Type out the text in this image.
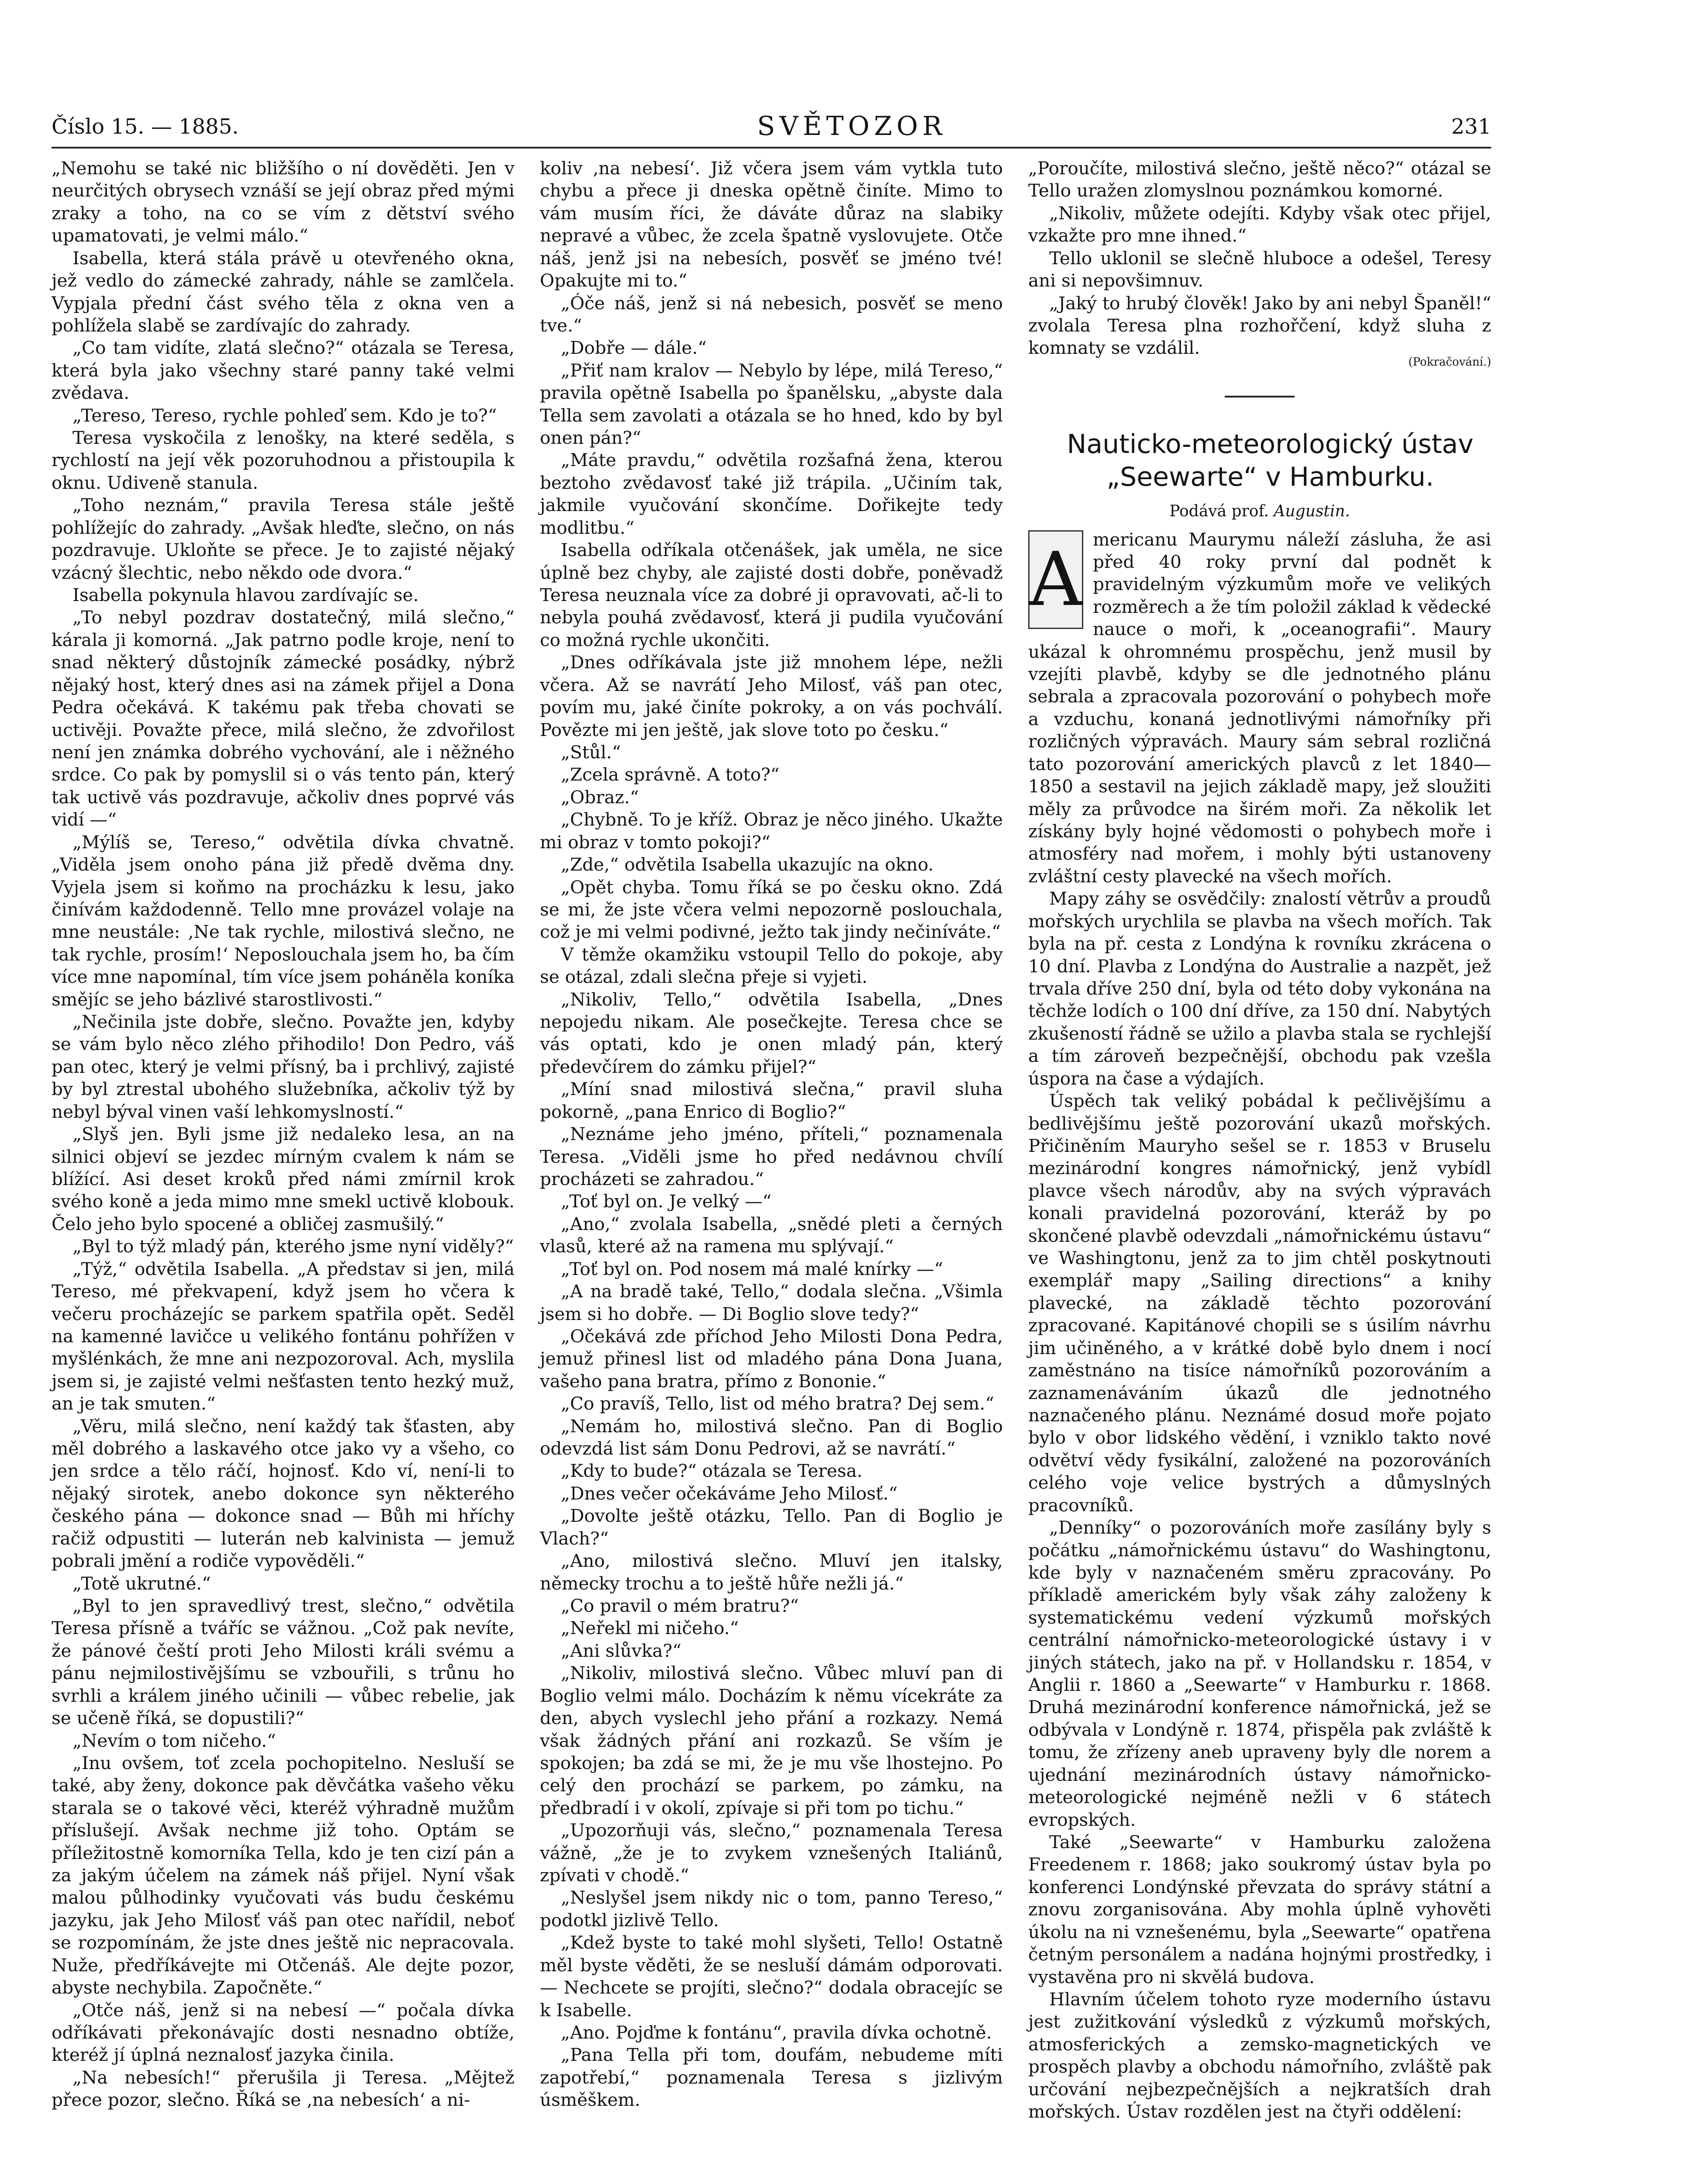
Číslo 15. — 1885.	SVĚTOZOR	231

„Nemohu se také nic bližšího o ní dověděti. Jen v neurčitých obrysech vznáší se její obraz před mými zraky a toho, na co se vím z dětství svého upamatovati, je velmi málo.“

Isabella, která stála právě u otevřeného okna, jež vedlo do zámecké zahrady, náhle se zamlčela. Vypjala přední část svého těla z okna ven a pohlížela slabě se zardívajíc do zahrady.

„Co tam vidíte, zlatá slečno?“ otázala se Teresa, která byla jako všechny staré panny také velmi zvědava.

„Tereso, Tereso, rychle pohleď sem. Kdo je to?“

Teresa vyskočila z lenošky, na které seděla, s rychlostí na její věk pozoruhodnou a přistoupila k oknu. Udiveně stanula.

„Toho neznám,“ pravila Teresa stále ještě pohlížejíc do zahrady. „Avšak hleďte, slečno, on nás pozdravuje. Ukloňte se přece. Je to zajisté nějaký vzácný šlechtic, nebo někdo ode dvora.“

Isabella pokynula hlavou zardívajíc se.

„To nebyl pozdrav dostatečný, milá slečno,“ kárala ji komorná. „Jak patrno podle kroje, není to snad některý důstojník zámecké posádky, nýbrž nějaký host, který dnes asi na zámek přijel a Dona Pedra očekává. K takému pak třeba chovati se uctivěji. Považte přece, milá slečno, že zdvořilost není jen známka dobrého vychování, ale i něžného srdce. Co pak by pomyslil si o vás tento pán, který tak uctivě vás pozdravuje, ačkoliv dnes poprvé vás vidí —“

„Mýlíš se, Tereso,“ odvětila dívka chvatně. „Viděla jsem onoho pána již předě dvěma dny. Vyjela jsem si koňmo na procházku k lesu, jako činívám každodenně. Tello mne provázel volaje na mne neustále: ‚Ne tak rychle, milostivá slečno, ne tak rychle, prosím!‘ Neposlouchala jsem ho, ba čím více mne napomínal, tím více jsem poháněla koníka smějíc se jeho bázlivé starostlivosti.“

„Nečinila jste dobře, slečno. Považte jen, kdyby se vám bylo něco zlého přihodilo! Don Pedro, váš pan otec, který je velmi přísný, ba i prchlivý, zajisté by byl ztrestal ubohého služebníka, ačkoliv týž by nebyl býval vinen vaší lehkomyslností.“

„Slyš jen. Byli jsme již nedaleko lesa, an na silnici objeví se jezdec mírným cvalem k nám se blížící. Asi deset kroků před námi zmírnil krok svého koně a jeda mimo mne smekl uctivě klobouk. Čelo jeho bylo spocené a obličej zasmušilý.“

„Byl to týž mladý pán, kterého jsme nyní viděly?“

„Týž,“ odvětila Isabella. „A představ si jen, milá Tereso, mé překvapení, když jsem ho včera k večeru procházejíc se parkem spatřila opět. Seděl na kamenné lavičce u velikého fontánu pohřížen v myšlénkách, že mne ani nezpozoroval. Ach, myslila jsem si, je zajisté velmi nešťasten tento hezký muž, an je tak smuten.“

„Věru, milá slečno, není každý tak šťasten, aby měl dobrého a laskavého otce jako vy a všeho, co jen srdce a tělo ráčí, hojnosť. Kdo ví, není-li to nějaký sirotek, anebo dokonce syn některého českého pána — dokonce snad — Bůh mi hříchy račiž odpustiti — luterán neb kalvinista — jemuž pobrali jmění a rodiče vypověděli.“

„Totě ukrutné.“

„Byl to jen spravedlivý trest, slečno,“ odvětila Teresa přísně a tváříc se vážnou. „Což pak nevíte, že pánové čeští proti Jeho Milosti králi svému a pánu nejmilostivějšímu se vzbouřili, s trůnu ho svrhli a králem jiného učinili — vůbec rebelie, jak se učeně říká, se dopustili?“

„Nevím o tom ničeho.“

„Inu ovšem, toť zcela pochopitelno. Nesluší se také, aby ženy, dokonce pak děvčátka vašeho věku starala se o takové věci, kteréž výhradně mužům příslušejí. Avšak nechme již toho. Optám se příležitostně komorníka Tella, kdo je ten cizí pán a za jakým účelem na zámek náš přijel. Nyní však malou půlhodinky vyučovati vás budu českému jazyku, jak Jeho Milosť váš pan otec nařídil, neboť se rozpomínám, že jste dnes ještě nic nepracovala. Nuže, předříkávejte mi Otčenáš. Ale dejte pozor, abyste nechybila. Započněte.“

„Otče náš, jenž si na nebesí —“ počala dívka odříkávati překonávajíc dosti nesnadno obtíže, kteréž jí úplná neznalosť jazyka činila.

„Na nebesích!“ přerušila ji Teresa. „Mějtež přece pozor, slečno. Říká se ‚na nebesích‘ a ni-

koliv ‚na nebesí‘. Již včera jsem vám vytkla tuto chybu a přece ji dneska opětně činíte. Mimo to vám musím říci, že dáváte důraz na slabiky nepravé a vůbec, že zcela špatně vyslovujete. Otče náš, jenž jsi na nebesích, posvěť se jméno tvé! Opakujte mi to.“

„Óče náš, jenž si ná nebesich, posvěť se meno tve.“

„Dobře — dále.“

„Přiť nam kralov — Nebylo by lépe, milá Tereso,“ pravila opětně Isabella po španělsku, „abyste dala Tella sem zavolati a otázala se ho hned, kdo by byl onen pán?“

„Máte pravdu,“ odvětila rozšafná žena, kterou beztoho zvědavosť také již trápila. „Učiním tak, jakmile vyučování skončíme. Dořikejte tedy modlitbu.“

Isabella odříkala otčenášek, jak uměla, ne sice úplně bez chyby, ale zajisté dosti dobře, poněvadž Teresa neuznala více za dobré ji opravovati, ač-li to nebyla pouhá zvědavosť, která ji pudila vyučování co možná rychle ukončiti.

„Dnes odříkávala jste již mnohem lépe, nežli včera. Až se navrátí Jeho Milosť, váš pan otec, povím mu, jaké činíte pokroky, a on vás pochválí. Povězte mi jen ještě, jak slove toto po česku.“

„Stůl.“

„Zcela správně. A toto?“

„Obraz.“

„Chybně. To je kříž. Obraz je něco jiného. Ukažte mi obraz v tomto pokoji?“

„Zde,“ odvětila Isabella ukazujíc na okno.

„Opět chyba. Tomu říká se po česku okno. Zdá se mi, že jste včera velmi nepozorně poslouchala, což je mi velmi podivné, ježto tak jindy nečiníváte.“

V těmže okamžiku vstoupil Tello do pokoje, aby se otázal, zdali slečna přeje si vyjeti.

„Nikoliv, Tello,“ odvětila Isabella, „Dnes nepojedu nikam. Ale posečkejte. Teresa chce se vás optati, kdo je onen mladý pán, který předevčírem do zámku přijel?“

„Míní snad milostivá slečna,“ pravil sluha pokorně, „pana Enrico di Boglio?“

„Neznáme jeho jméno, příteli,“ poznamenala Teresa. „Viděli jsme ho před nedávnou chvílí procházeti se zahradou.“

„Toť byl on. Je velký —“

„Ano,“ zvolala Isabella, „snědé pleti a černých vlasů, které až na ramena mu splývají.“

„Toť byl on. Pod nosem má malé knírky —“

„A na bradě také, Tello,“ dodala slečna. „Všimla jsem si ho dobře. — Di Boglio slove tedy?“

„Očekává zde příchod Jeho Milosti Dona Pedra, jemuž přinesl list od mladého pána Dona Juana, vašeho pana bratra, přímo z Bononie.“

„Co pravíš, Tello, list od mého bratra? Dej sem.“

„Nemám ho, milostivá slečno. Pan di Boglio odevzdá list sám Donu Pedrovi, až se navrátí.“

„Kdy to bude?“ otázala se Teresa.

„Dnes večer očekáváme Jeho Milosť.“

„Dovolte ještě otázku, Tello. Pan di Boglio je Vlach?“

„Ano, milostivá slečno. Mluví jen italsky, německy trochu a to ještě hůře nežli já.“

„Co pravil o mém bratru?“

„Neřekl mi ničeho.“

„Ani slůvka?“

„Nikoliv, milostivá slečno. Vůbec mluví pan di Boglio velmi málo. Docházím k němu vícekráte za den, abych vyslechl jeho přání a rozkazy. Nemá však žádných přání ani rozkazů. Se vším je spokojen; ba zdá se mi, že je mu vše lhostejno. Po celý den prochází se parkem, po zámku, na předbradí i v okolí, zpívaje si při tom po tichu.“

„Upozorňuji vás, slečno,“ poznamenala Teresa vážně, „že je to zvykem vznešených Italiánů, zpívati v chodě.“

„Neslyšel jsem nikdy nic o tom, panno Tereso,“ podotkl jizlivě Tello.

„Kdež byste to také mohl slyšeti, Tello! Ostatně měl byste věděti, že se nesluší dámám odporovati. — Nechcete se projíti, slečno?“ dodala obracejíc se k Isabelle.

„Ano. Pojďme k fontánu“, pravila dívka ochotně.

„Pana Tella při tom, doufám, nebudeme míti zapotřebí,“ poznamenala Teresa s jizlivým úsměškem.

„Poroučíte, milostivá slečno, ještě něco?“ otázal se Tello uražen zlomyslnou poznámkou komorné.

„Nikoliv, můžete odejíti. Kdyby však otec přijel, vzkažte pro mne ihned.“

Tello uklonil se slečně hluboce a odešel, Teresy ani si nepovšimnuv.

„Jaký to hrubý člověk! Jako by ani nebyl Španěl!“ zvolala Teresa plna rozhořčení, když sluha z komnaty se vzdálil.

(Pokračování.)

Nauticko-meteorologický ústav

„Seewarte“ v Hamburku.

Podává prof. Augustin.

A mericanu Maurymu náleží zásluha, že asi před 40 roky první dal podnět k pravidelným výzkumům moře ve velikých rozměrech a že tím položil základ k vědecké nauce o moři, k „oceanografii“. Maury ukázal k ohromnému prospěchu, jenž musil by vzejíti plavbě, kdyby se dle jednotného plánu sebrala a zpracovala pozorování o pohybech moře a vzduchu, konaná jednotlivými námořníky při rozličných výpravách. Maury sám sebral rozličná tato pozorování amerických plavců z let 1840—1850 a sestavil na jejich základě mapy, jež sloužiti měly za průvodce na širém moři. Za několik let získány byly hojné vědomosti o pohybech moře i atmosféry nad mořem, i mohly býti ustanoveny zvláštní cesty plavecké na všech mořích.

Mapy záhy se osvědčily: znalostí větrův a proudů mořských urychlila se plavba na všech mořích. Tak byla na př. cesta z Londýna k rovníku zkrácena o 10 dní. Plavba z Londýna do Australie a nazpět, jež trvala dříve 250 dní, byla od této doby vykonána na těchže lodích o 100 dní dříve, za 150 dní. Nabytých zkušeností řádně se užilo a plavba stala se rychlejší a tím zároveň bezpečnější, obchodu pak vzešla úspora na čase a výdajích.

Úspěch tak veliký pobádal k pečlivějšímu a bedlivějšímu ještě pozorování ukazů mořských. Přičiněním Mauryho sešel se r. 1853 v Bruselu mezinárodní kongres námořnický, jenž vybídl plavce všech národův, aby na svých výpravách konali pravidelná pozorování, kteráž by po skončené plavbě odevzdali „námořnickému ústavu“ ve Washingtonu, jenž za to jim chtěl poskytnouti exemplář mapy „Sailing directions“ a knihy plavecké, na základě těchto pozorování zpracované. Kapitánové chopili se s úsilím návrhu jim učiněného, a v krátké době bylo dnem i nocí zaměstnáno na tisíce námořníků pozorováním a zaznamenáváním úkazů dle jednotného naznačeného plánu. Neznámé dosud moře pojato bylo v obor lidského vědění, i vzniklo takto nové odvětví vědy fysikální, založené na pozorováních celého voje velice bystrých a důmyslných pracovníků.

„Denníky“ o pozorováních moře zasílány byly s počátku „námořnickému ústavu“ do Washingtonu, kde byly v naznačeném směru zpracovány. Po příkladě americkém byly však záhy založeny k systematickému vedení výzkumů mořských centrální námořnicko-meteorologické ústavy i v jiných státech, jako na př. v Hollandsku r. 1854, v Anglii r. 1860 a „Seewarte“ v Hamburku r. 1868. Druhá mezinárodní konference námořnická, jež se odbývala v Londýně r. 1874, přispěla pak zvláště k tomu, že zřízeny aneb upraveny byly dle norem a ujednání mezinárodních ústavy námořnicko-meteorologické nejméně nežli v 6 státech evropských.

Také „Seewarte“ v Hamburku založena Freedenem r. 1868; jako soukromý ústav byla po konferenci Londýnské převzata do správy státní a znovu zorganisována. Aby mohla úplně vyhověti úkolu na ni vznešenému, byla „Seewarte“ opatřena četným personálem a nadána hojnými prostředky, i vystavěna pro ni skvělá budova.

Hlavním účelem tohoto ryze moderního ústavu jest zužitkování výsledků z výzkumů mořských, atmosferických a zemsko-magnetických ve prospěch plavby a obchodu námořního, zvláště pak určování nejbezpečnějších a nejkratších drah mořských. Ústav rozdělen jest na čtyři oddělení:
